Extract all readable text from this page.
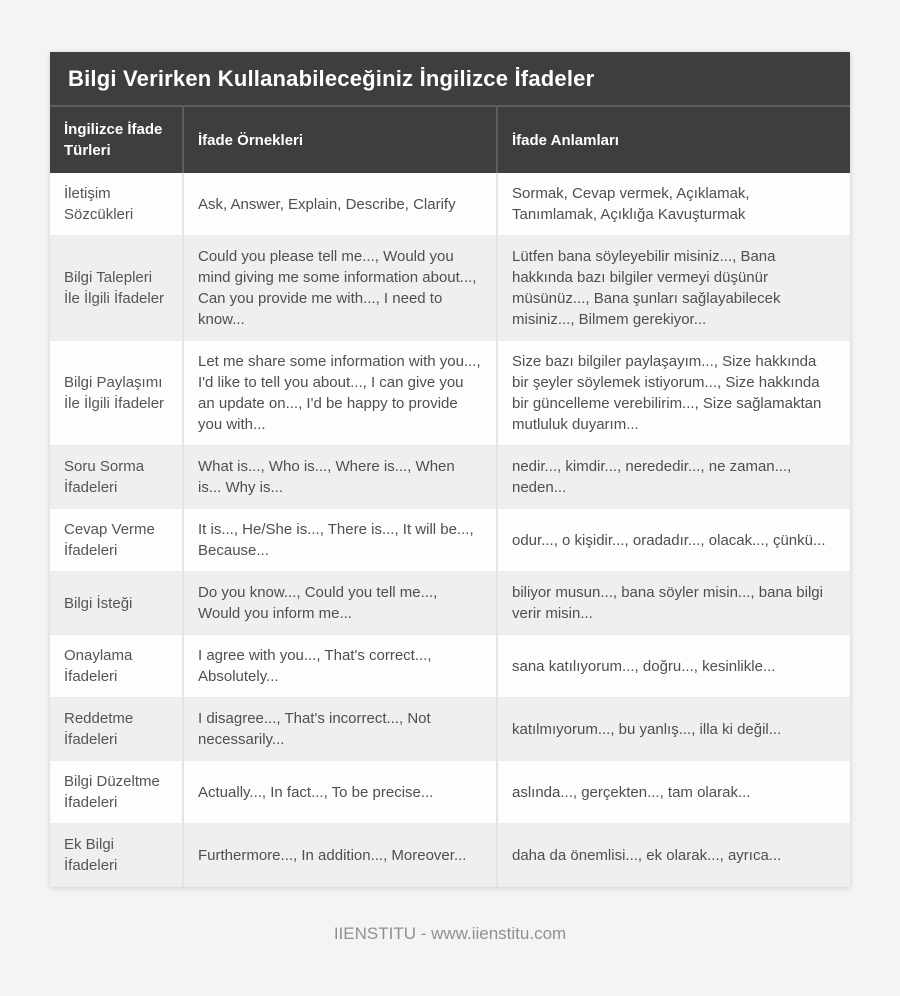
Bilgi Verirken Kullanabileceğiniz İngilizce İfadeler
İngilizce İfade Türleri	İfade Örnekleri	İfade Anlamları
İletişim Sözcükleri	Ask, Answer, Explain, Describe, Clarify	Sormak, Cevap vermek, Açıklamak, Tanımlamak, Açıklığa Kavuşturmak
Bilgi Talepleri İle İlgili İfadeler	Could you please tell me..., Would you mind giving me some information about..., Can you provide me with..., I need to know...	Lütfen bana söyleyebilir misiniz..., Bana hakkında bazı bilgiler vermeyi düşünür müsünüz..., Bana şunları sağlayabilecek misiniz..., Bilmem gerekiyor...
Bilgi Paylaşımı İle İlgili İfadeler	Let me share some information with you..., I'd like to tell you about..., I can give you an update on..., I'd be happy to provide you with...	Size bazı bilgiler paylaşayım..., Size hakkında bir şeyler söylemek istiyorum..., Size hakkında bir güncelleme verebilirim..., Size sağlamaktan mutluluk duyarım...
Soru Sorma İfadeleri	What is..., Who is..., Where is..., When is... Why is...	nedir..., kimdir..., nerededir..., ne zaman..., neden...
Cevap Verme İfadeleri	It is..., He/She is..., There is..., It will be..., Because...	odur..., o kişidir..., oradadır..., olacak..., çünkü...
Bilgi İsteği	Do you know..., Could you tell me..., Would you inform me...	biliyor musun..., bana söyler misin..., bana bilgi verir misin...
Onaylama İfadeleri	I agree with you..., That's correct..., Absolutely...	sana katılıyorum..., doğru..., kesinlikle...
Reddetme İfadeleri	I disagree..., That's incorrect..., Not necessarily...	katılmıyorum..., bu yanlış..., illa ki değil...
Bilgi Düzeltme İfadeleri	Actually..., In fact..., To be precise...	aslında..., gerçekten..., tam olarak...
Ek Bilgi İfadeleri	Furthermore..., In addition..., Moreover...	daha da önemlisi..., ek olarak..., ayrıca...
IIENSTITU - www.iienstitu.com
